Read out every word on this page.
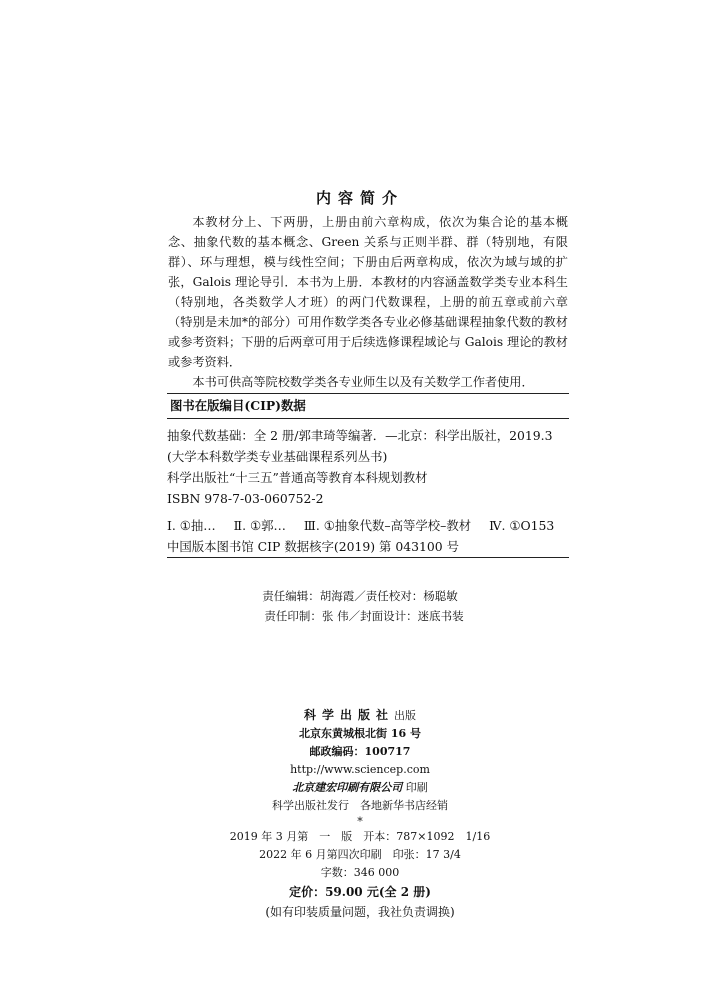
内容简介

本教材分上、下两册，上册由前六章构成，依次为集合论的基本概念、抽象代数的基本概念、Green 关系与正则半群、群（特别地，有限群）、环与理想，模与线性空间；下册由后两章构成，依次为域与域的扩张，Galois 理论导引．本书为上册．本教材的内容涵盖数学类专业本科生（特别地，各类数学人才班）的两门代数课程，上册的前五章或前六章（特别是未加*的部分）可用作数学类各专业必修基础课程抽象代数的教材或参考资料；下册的后两章可用于后续选修课程域论与 Galois 理论的教材或参考资料．

本书可供高等院校数学类各专业师生以及有关数学工作者使用．

图书在版编目(CIP)数据
抽象代数基础：全 2 册/郭聿琦等编著．—北京：科学出版社，2019.3
(大学本科数学类专业基础课程系列丛书)
科学出版社“十三五”普通高等教育本科规划教材
ISBN 978-7-03-060752-2
Ⅰ. ①抽… Ⅱ. ①郭… Ⅲ. ①抽象代数–高等学校–教材 Ⅳ. ①O153
中国版本图书馆 CIP 数据核字(2019) 第 043100 号
责任编辑：胡海霞／责任校对：杨聪敏
责任印制：张 伟／封面设计：迷底书装
科学出版社出版
北京东黄城根北街 16 号
邮政编码：100717
http://www.sciencep.com
北京建宏印刷有限公司 印刷
科学出版社发行　各地新华书店经销
*
2019 年 3 月第　一　版　开本：787×1092　1/16
2022 年 6 月第四次印刷　印张：17 3/4
字数：346 000
定价：59.00 元(全 2 册)
(如有印装质量问题，我社负责调换)
